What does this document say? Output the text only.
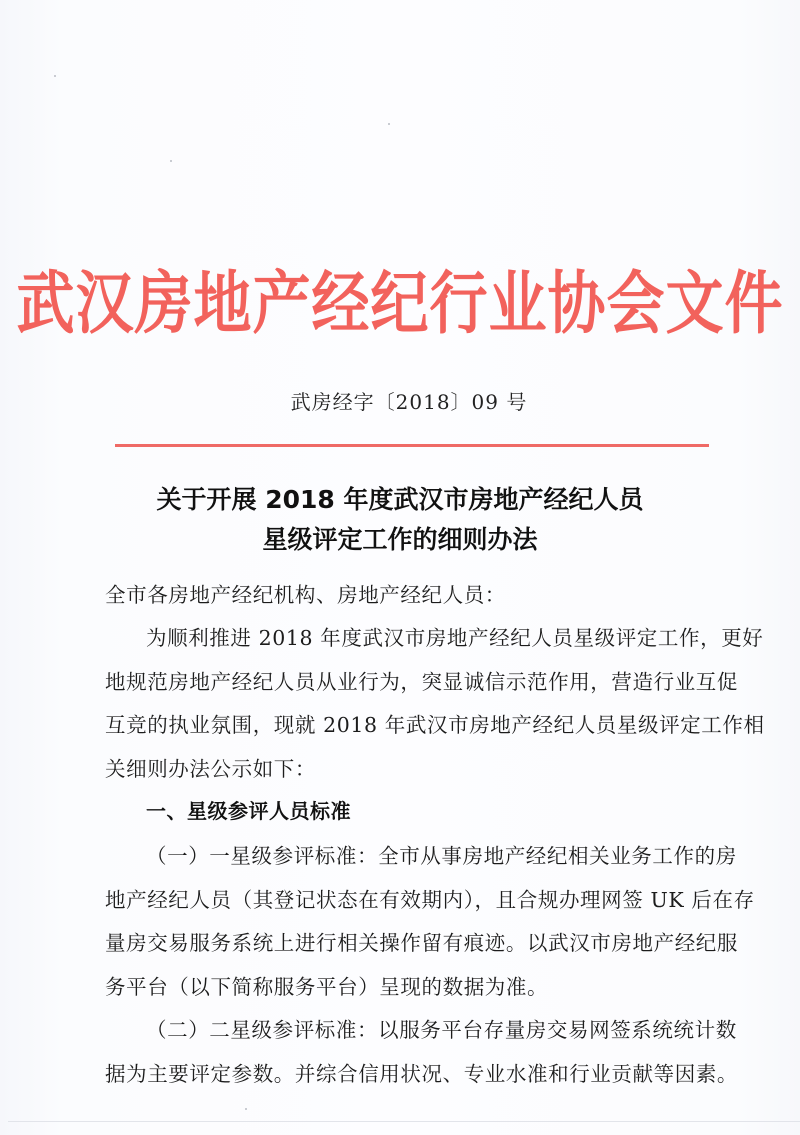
武汉房地产经纪行业协会文件
武房经字〔2018〕09 号
关于开展 2018 年度武汉市房地产经纪人员
星级评定工作的细则办法
全市各房地产经纪机构、房地产经纪人员：
为顺利推进 2018 年度武汉市房地产经纪人员星级评定工作，更好
地规范房地产经纪人员从业行为，突显诚信示范作用，营造行业互促
互竞的执业氛围，现就 2018 年武汉市房地产经纪人员星级评定工作相
关细则办法公示如下：
一、星级参评人员标准
（一）一星级参评标准：全市从事房地产经纪相关业务工作的房
地产经纪人员（其登记状态在有效期内），且合规办理网签 UK 后在存
量房交易服务系统上进行相关操作留有痕迹。以武汉市房地产经纪服
务平台（以下简称服务平台）呈现的数据为准。
（二）二星级参评标准：以服务平台存量房交易网签系统统计数
据为主要评定参数。并综合信用状况、专业水准和行业贡献等因素。
